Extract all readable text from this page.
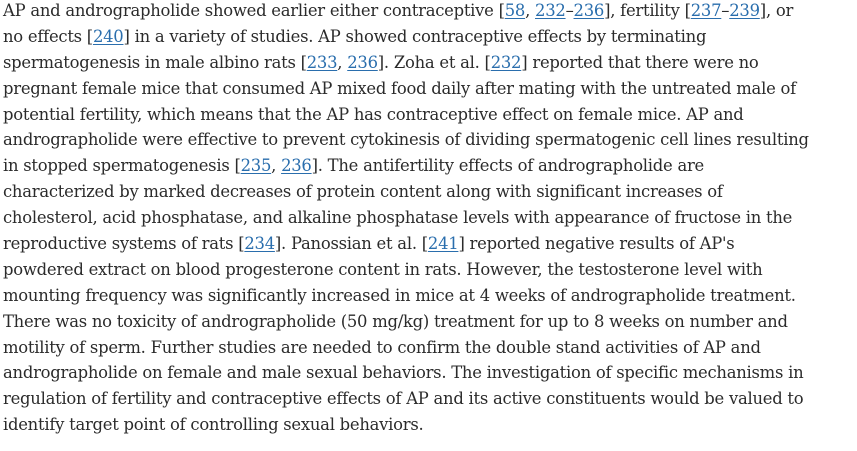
AP and andrographolide showed earlier either contraceptive [58, 232–236], fertility [237–239], or
no effects [240] in a variety of studies. AP showed contraceptive effects by terminating
spermatogenesis in male albino rats [233, 236]. Zoha et al. [232] reported that there were no
pregnant female mice that consumed AP mixed food daily after mating with the untreated male of
potential fertility, which means that the AP has contraceptive effect on female mice. AP and
andrographolide were effective to prevent cytokinesis of dividing spermatogenic cell lines resulting
in stopped spermatogenesis [235, 236]. The antifertility effects of andrographolide are
characterized by marked decreases of protein content along with significant increases of
cholesterol, acid phosphatase, and alkaline phosphatase levels with appearance of fructose in the
reproductive systems of rats [234]. Panossian et al. [241] reported negative results of AP's
powdered extract on blood progesterone content in rats. However, the testosterone level with
mounting frequency was significantly increased in mice at 4 weeks of andrographolide treatment.
There was no toxicity of andrographolide (50 mg/kg) treatment for up to 8 weeks on number and
motility of sperm. Further studies are needed to confirm the double stand activities of AP and
andrographolide on female and male sexual behaviors. The investigation of specific mechanisms in
regulation of fertility and contraceptive effects of AP and its active constituents would be valued to
identify target point of controlling sexual behaviors.
